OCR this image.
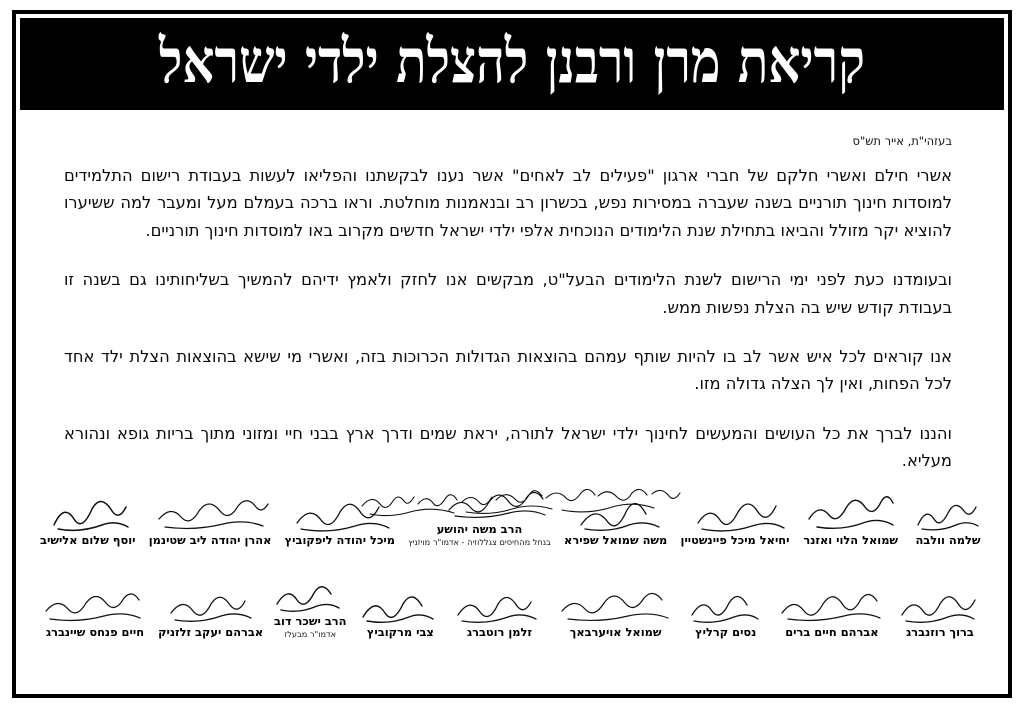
קריאת מרן ורבנן להצלת ילדי ישראל
בעזהי"ת, אייר תש"ס

אשרי חילם ואשרי חלקם של חברי ארגון "פעילים לב לאחים" אשר נענו לבקשתנו והפליאו לעשות בעבודת רישום התלמידים למוסדות חינוך תורניים בשנה שעברה במסירות נפש, בכשרון רב ובנאמנות מוחלטת. וראו ברכה בעמלם מעל ומעבר למה ששיערו להוציא יקר מזולל והביאו בתחילת שנת הלימודים הנוכחית אלפי ילדי ישראל חדשים מקרוב באו למוסדות חינוך תורניים.

ובעומדנו כעת לפני ימי הרישום לשנת הלימודים הבעל"ט, מבקשים אנו לחזק ולאמץ ידיהם להמשיך בשליחותינו גם בשנה זו בעבודת קודש שיש בה הצלת נפשות ממש.

אנו קוראים לכל איש אשר לב בו להיות שותף עמהם בהוצאות הגדולות הכרוכות בזה, ואשרי מי שישא בהוצאות הצלת ילד אחד לכל הפחות, ואין לך הצלה גדולה מזו.

והננו לברך את כל העושים והמעשים לחינוך ילדי ישראל לתורה, יראת שמים ודרך ארץ בבני חיי ומזוני מתוך בריות גופא ונהורא מעליא.

שלמה וולבה
שמואל הלוי ואזנר
יחיאל מיכל פיינשטיין
משה שמואל שפירא
הרב משה יהושע
בנחל מהחיסים צגללוזיה - אדמו"ר מויזניץ
מיכל יהודה ליפקוביץ
אהרן יהודה ליב שטינמן
יוסף שלום אלישיב
ברוך רוזנברג
אברהם חיים ברים
נסים קרליץ
שמואל אויערבאך
זלמן רוטברג
צבי מרקוביץ
הרב ישכר דוב
אדמו"ר מבעלז
אברהם יעקב זלזניק
חיים פנחס שיינברג
